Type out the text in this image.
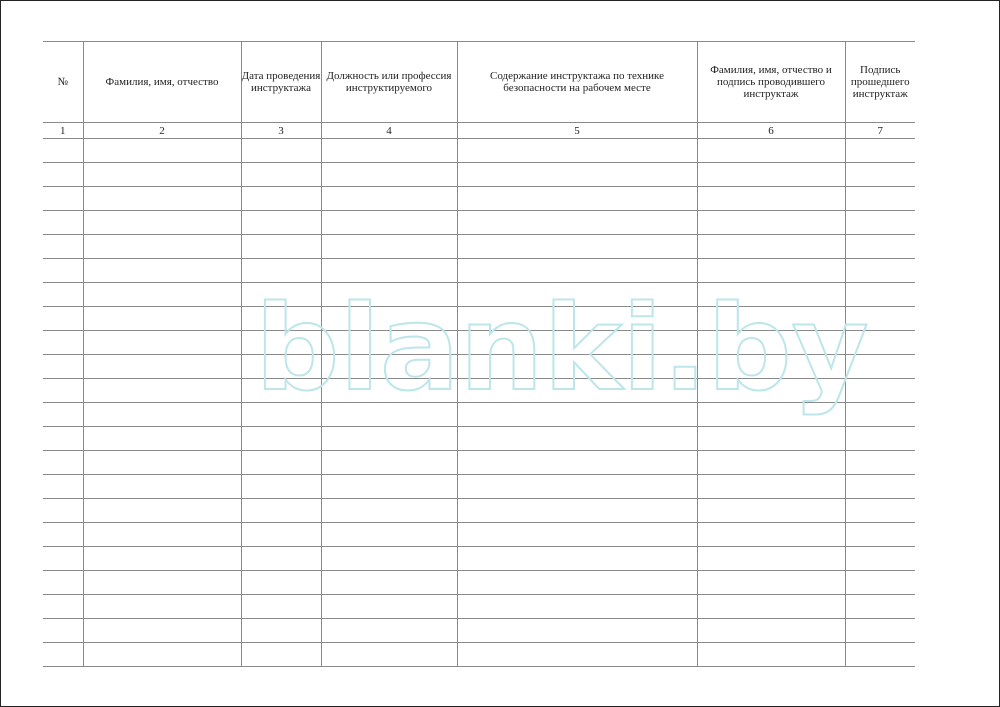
№	Фамилия, имя, отчество	Дата проведения инструктажа	Должность или профессия инструктируемого	Содержание инструктажа по технике безопасности на рабочем месте	Фамилия, имя, отчество и подпись проводившего инструктаж	Подпись прошедшего инструктаж
1	2	3	4	5	6	7

blanki.by
